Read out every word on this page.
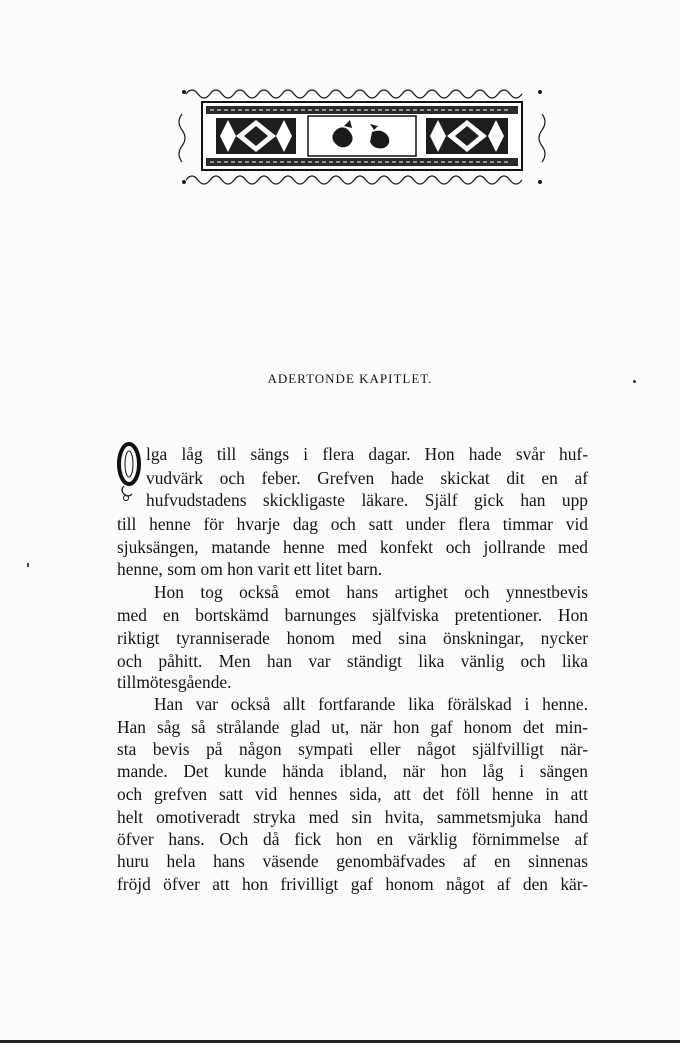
ADERTONDE KAPITLET.
lga låg till sängs i flera dagar. Hon hade svår huf-
vudvärk och feber. Grefven hade skickat dit en af
hufvudstadens skickligaste läkare. Själf gick han upp
till henne för hvarje dag och satt under flera timmar vid
sjuksängen, matande henne med konfekt och jollrande med
henne, som om hon varit ett litet barn.
Hon tog också emot hans artighet och ynnestbevis
med en bortskämd barnunges själfviska pretentioner. Hon
riktigt tyranniserade honom med sina önskningar, nycker
och påhitt. Men han var ständigt lika vänlig och lika
tillmötesgående.
Han var också allt fortfarande lika förälskad i henne.
Han såg så strålande glad ut, när hon gaf honom det min-
sta bevis på någon sympati eller något själfvilligt när-
mande. Det kunde hända ibland, när hon låg i sängen
och grefven satt vid hennes sida, att det föll henne in att
helt omotiveradt stryka med sin hvita, sammetsmjuka hand
öfver hans. Och då fick hon en värklig förnimmelse af
huru hela hans väsende genombäfvades af en sinnenas
fröjd öfver att hon frivilligt gaf honom något af den kär-
